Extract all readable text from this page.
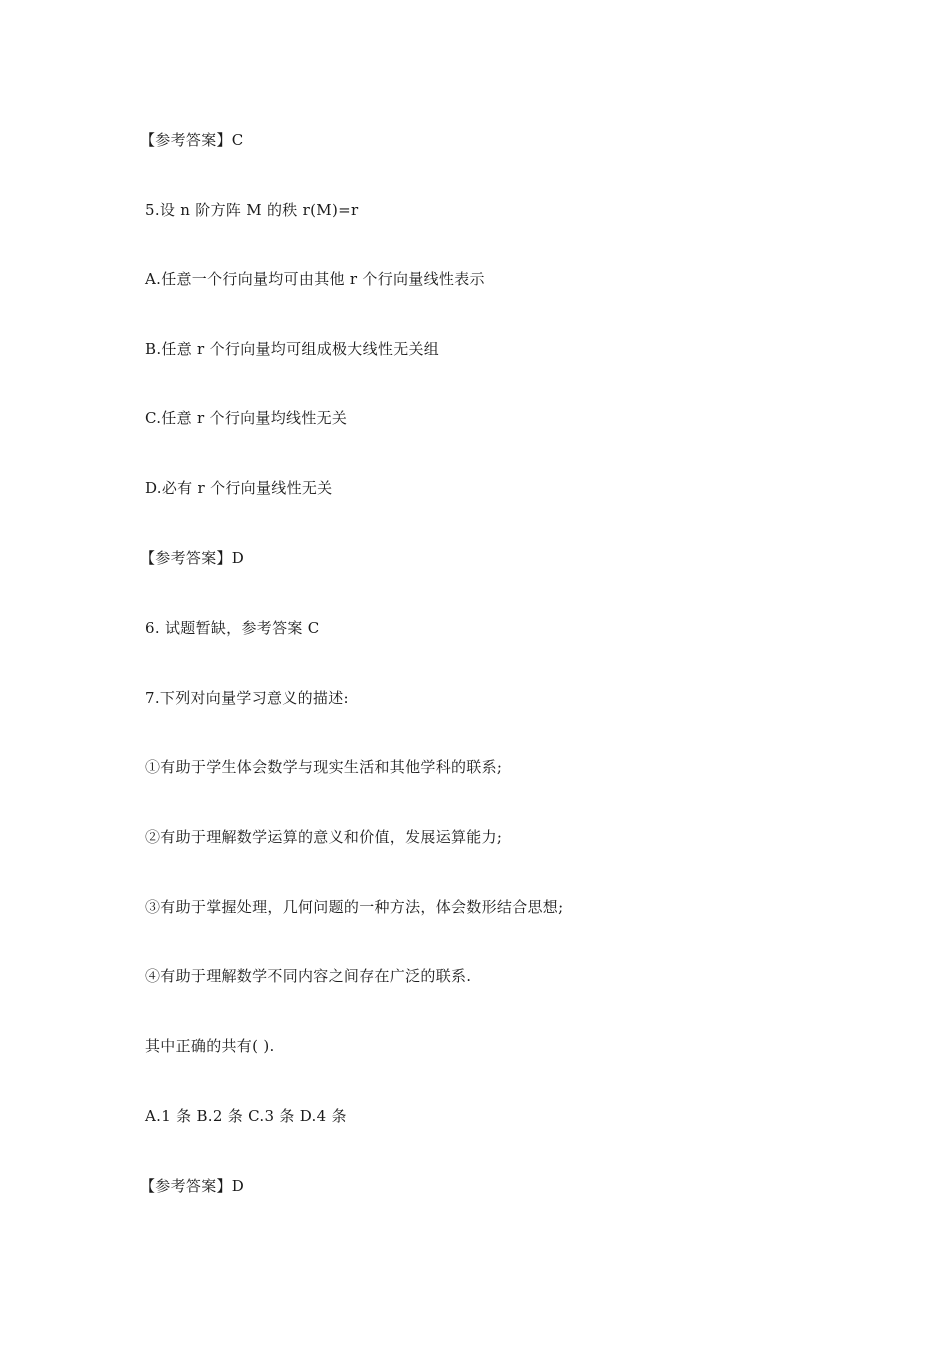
【参考答案】C
5.设 n 阶方阵 M 的秩 r(M)=r
A.任意一个行向量均可由其他 r 个行向量线性表示
B.任意 r 个行向量均可组成极大线性无关组
C.任意 r 个行向量均线性无关
D.必有 r 个行向量线性无关
【参考答案】D
6. 试题暂缺，参考答案 C
7.下列对向量学习意义的描述:
①有助于学生体会数学与现实生活和其他学科的联系;
②有助于理解数学运算的意义和价值，发展运算能力;
③有助于掌握处理，几何问题的一种方法，体会数形结合思想;
④有助于理解数学不同内容之间存在广泛的联系.
其中正确的共有( ).
A.1 条 B.2 条 C.3 条 D.4 条
【参考答案】D
